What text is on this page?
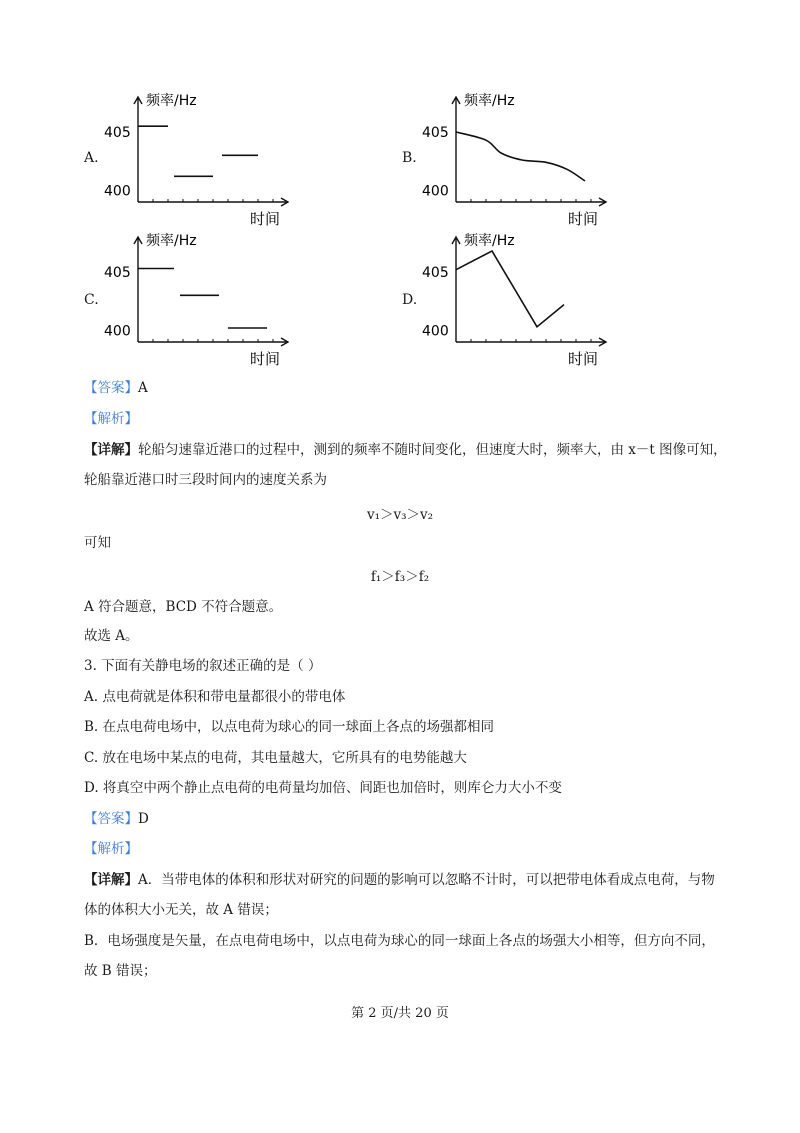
A.	B.
C.	D.
频率/Hz
时间
405
400
频率/Hz
时间
405
400
频率/Hz
时间
405
400
频率/Hz
时间
405
400
【答案】A
【解析】
【详解】轮船匀速靠近港口的过程中，测到的频率不随时间变化，但速度大时，频率大，由 x－t 图像可知，
轮船靠近港口时三段时间内的速度关系为
v₁＞v₃＞v₂
可知
f₁＞f₃＞f₂
A 符合题意，BCD 不符合题意。
故选 A。
3. 下面有关静电场的叙述正确的是（ ）
A. 点电荷就是体积和带电量都很小的带电体
B. 在点电荷电场中，以点电荷为球心的同一球面上各点的场强都相同
C. 放在电场中某点的电荷，其电量越大，它所具有的电势能越大
D. 将真空中两个静止点电荷的电荷量均加倍、间距也加倍时，则库仑力大小不变
【答案】D
【解析】
【详解】A．当带电体的体积和形状对研究的问题的影响可以忽略不计时，可以把带电体看成点电荷，与物
体的体积大小无关，故 A 错误；
B．电场强度是矢量，在点电荷电场中，以点电荷为球心的同一球面上各点的场强大小相等，但方向不同，
故 B 错误；
第 2 页/共 20 页
